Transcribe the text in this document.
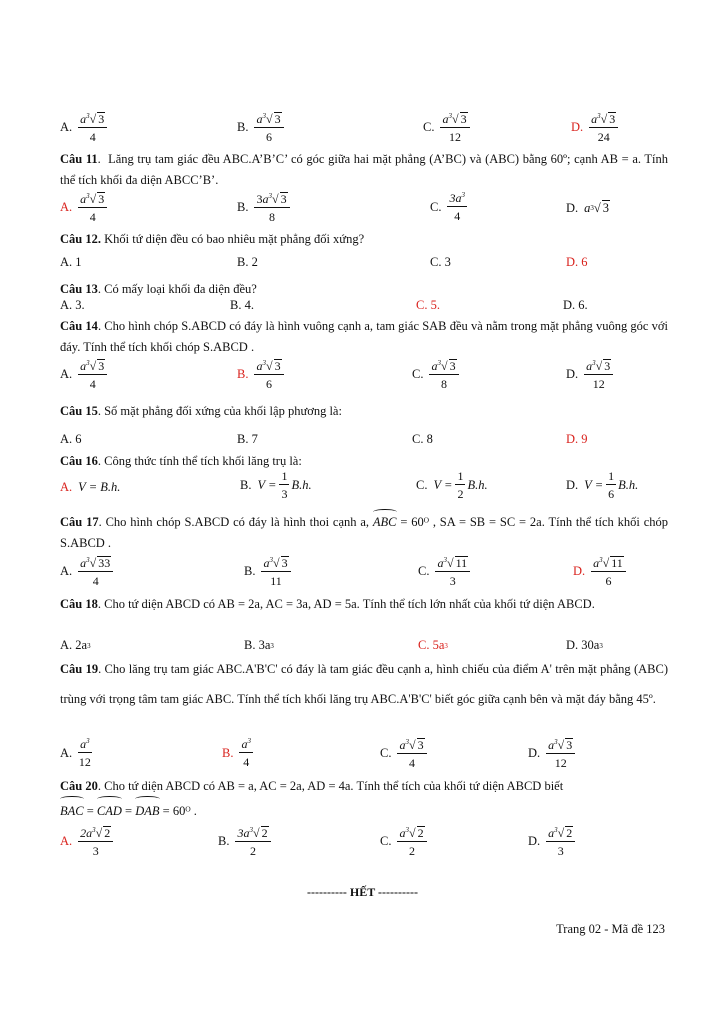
A. $\frac{a^3√ 3}{4}$	B. $\frac{a^3√ 3}{6}$	C. $\frac{a^3√ 3}{12}$	D. $\frac{a^3√ 3}{24}$
Câu 11.  Lăng trụ tam giác đều ABC.A’B’C’ có góc giữa hai mặt phẳng (A’BC) và (ABC) bằng 60º; cạnh AB = a. Tính thể tích khối đa diện ABCC’B’.
A. $\frac{a^3√ 3}{4}$	B. $\frac{3a^3√ 3}{8}$	C. $\frac{3a^3}{4}$	D. a 3 √ 3
Câu 12. Khối tứ diện đều có bao nhiêu mặt phẳng đối xứng?
A. 1	B. 2	C. 3	D. 6
Câu 13. Có mấy loại khối đa diện đều?
A. 3.	B. 4.	C. 5.	D. 6.
Câu 14. Cho hình chóp S.ABCD có đáy là hình vuông cạnh a, tam giác SAB đều và nằm trong mặt phẳng vuông góc với đáy. Tính thể tích khối chóp S.ABCD .
A. $\frac{a^3√ 3}{4}$	B. $\frac{a^3√ 3}{6}$	C. $\frac{a^3√ 3}{8}$	D. $\frac{a^3√ 3}{12}$
Câu 15. Số mặt phẳng đối xứng của khối lập phương là:
A. 6	B. 7	C. 8	D. 9
Câu 16. Công thức tính thể tích khối lăng trụ là:
A. V = B.h.	B. $V = \frac{1}{3} B.h$.	C. $V = \frac{1}{2} B.h$.	D. $V = \frac{1}{6} B.h$.
Câu 17. Cho hình chóp S.ABCD có đáy là hình thoi cạnh a, ABC = 60ᴼ , SA = SB = SC = 2a. Tính thể tích khối chóp S.ABCD .
A. $\frac{a^3√ 33}{4}$	B. $\frac{a^3√ 3}{11}$	C. $\frac{a^3√ 11}{3}$	D. $\frac{a^3√ 11}{6}$
Câu 18. Cho tứ diện ABCD có AB = 2a, AC = 3a, AD = 5a. Tính thể tích lớn nhất của khối tứ diện ABCD.
A. 2a 3	B. 3a 3	C. 5a 3	D. 30a 3
Câu 19. Cho lăng trụ tam giác ABC.A'B'C' có đáy là tam giác đều cạnh a, hình chiếu của điểm A' trên mặt phẳng (ABC) trùng với trọng tâm tam giác ABC. Tính thể tích khối lăng trụ ABC.A'B'C' biết góc giữa cạnh bên và mặt đáy bằng 45º.
A. $\frac{a^3}{12}$	B. $\frac{a^3}{4}$	C. $\frac{a^3√ 3}{4}$	D. $\frac{a^3√ 3}{12}$
Câu 20. Cho tứ diện ABCD có AB = a, AC = 2a, AD = 4a. Tính thể tích của khối tứ diện ABCD biết
BAC = CAD = DAB = 60ᴼ .
A. $\frac{2a^3√ 2}{3}$	B. $\frac{3a^3√ 2}{2}$	C. $\frac{a^3√ 2}{2}$	D. $\frac{a^3√ 2}{3}$
---------- HẾT ----------
Trang 02 - Mã đề 123
